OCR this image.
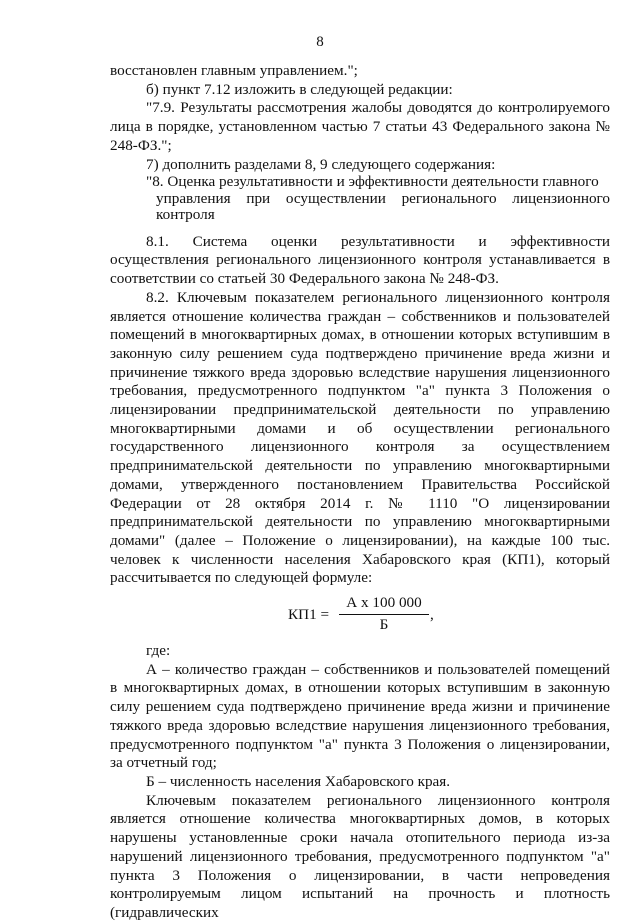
8

восстановлен главным управлением.";

б) пункт 7.12 изложить в следующей редакции:

"7.9. Результаты рассмотрения жалобы доводятся до контролируемого лица в порядке, установленном частью 7 статьи 43 Федерального закона № 248-ФЗ.";

7) дополнить разделами 8, 9 следующего содержания:

"8. Оценка результативности и эффективности деятельности главного
управления при осуществлении регионального лицензионного контроля

8.1. Система оценки результативности и эффективности осуществления регионального лицензионного контроля устанавливается в соответствии со статьей 30 Федерального закона № 248-ФЗ.

8.2. Ключевым показателем регионального лицензионного контроля является отношение количества граждан – собственников и пользователей помещений в многоквартирных домах, в отношении которых вступившим в законную силу решением суда подтверждено причинение вреда жизни и причинение тяжкого вреда здоровью вследствие нарушения лицензионного требования, предусмотренного подпунктом "а" пункта 3 Положения о лицензировании предпринимательской деятельности по управлению многоквартирными домами и об осуществлении регионального государственного лицензионного контроля за осуществлением предпринимательской деятельности по управлению многоквартирными домами, утвержденного постановлением Правительства Российской Федерации от 28 октября 2014 г. № 1110 "О лицензировании предпринимательской деятельности по управлению многоквартирными домами" (далее – Положение о лицензировании), на каждые 100 тыс. человек к численности населения Хабаровского края (КП1), который рассчитывается по следующей формуле:

КП1 =
А х 100 000
Б
,

где:

А – количество граждан – собственников и пользователей помещений в многоквартирных домах, в отношении которых вступившим в законную силу решением суда подтверждено причинение вреда жизни и причинение тяжкого вреда здоровью вследствие нарушения лицензионного требования, предусмотренного подпунктом "а" пункта 3 Положения о лицензировании, за отчетный год;

Б – численность населения Хабаровского края.

Ключевым показателем регионального лицензионного контроля является отношение количества многоквартирных домов, в которых нарушены установленные сроки начала отопительного периода из-за нарушений лицензионного требования, предусмотренного подпунктом "а" пункта 3 Положения о лицензировании, в части непроведения контролируемым лицом испытаний на прочность и плотность (гидравлических
